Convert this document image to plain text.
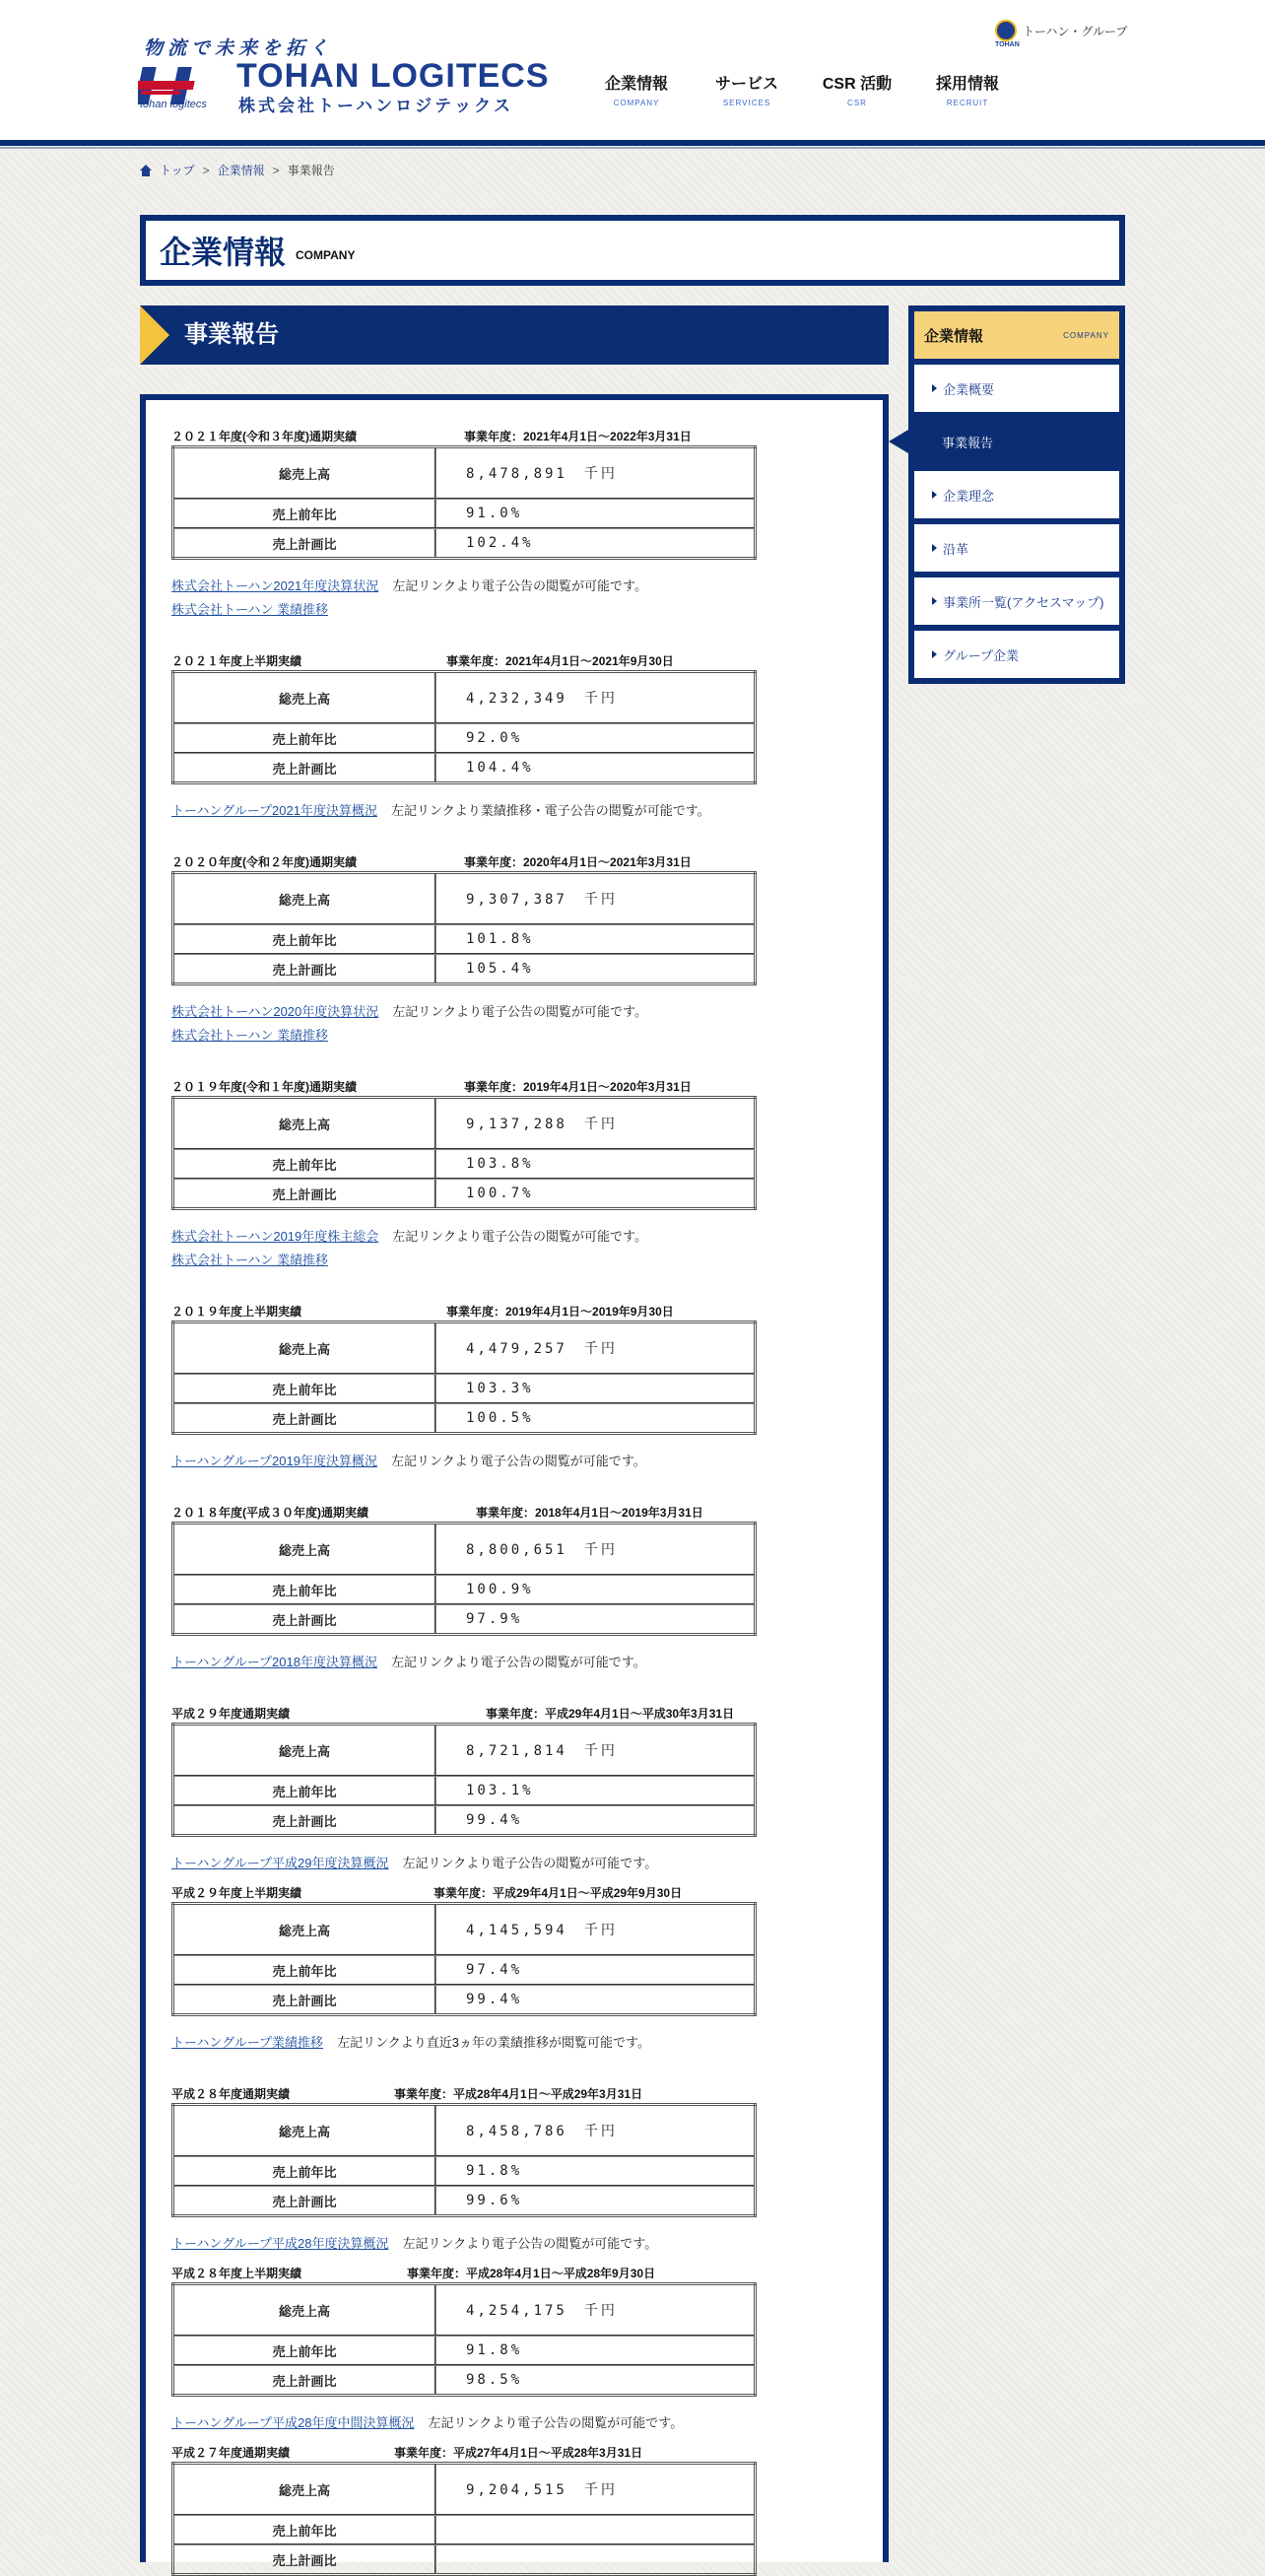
物流で未来を拓く
TOHAN LOGITECS
株式会社トーハンロジテックス
tohan logitecs
トーハン・グループ
TOHAN
企業情報
COMPANY
サービス
SERVICES
CSR 活動
CSR
採用情報
RECRUIT
トップ > 企業情報 > 事業報告
企業情報 COMPANY
事業報告
２０２１年度(令和３年度)通期実績	事業年度：2021年4月1日～2022年3月31日
総売上高	8,478,891　千円
売上前年比	91.0%
売上計画比	102.4%
株式会社トーハン2021年度決算状況 左記リンクより電子公告の閲覧が可能です。
株式会社トーハン 業績推移
２０２１年度上半期実績	事業年度：2021年4月1日～2021年9月30日
総売上高	4,232,349　千円
売上前年比	92.0%
売上計画比	104.4%
トーハングループ2021年度決算概況 左記リンクより業績推移・電子公告の閲覧が可能です。
２０２０年度(令和２年度)通期実績	事業年度：2020年4月1日～2021年3月31日
総売上高	9,307,387　千円
売上前年比	101.8%
売上計画比	105.4%
株式会社トーハン2020年度決算状況 左記リンクより電子公告の閲覧が可能です。
株式会社トーハン 業績推移
２０１９年度(令和１年度)通期実績	事業年度：2019年4月1日～2020年3月31日
総売上高	9,137,288　千円
売上前年比	103.8%
売上計画比	100.7%
株式会社トーハン2019年度株主総会 左記リンクより電子公告の閲覧が可能です。
株式会社トーハン 業績推移
２０１９年度上半期実績	事業年度：2019年4月1日～2019年9月30日
総売上高	4,479,257　千円
売上前年比	103.3%
売上計画比	100.5%
トーハングループ2019年度決算概況 左記リンクより電子公告の閲覧が可能です。
２０１８年度(平成３０年度)通期実績	事業年度：2018年4月1日～2019年3月31日
総売上高	8,800,651　千円
売上前年比	100.9%
売上計画比	97.9%
トーハングループ2018年度決算概況 左記リンクより電子公告の閲覧が可能です。
平成２９年度通期実績	事業年度：平成29年4月1日～平成30年3月31日
総売上高	8,721,814　千円
売上前年比	103.1%
売上計画比	99.4%
トーハングループ平成29年度決算概況 左記リンクより電子公告の閲覧が可能です。
平成２９年度上半期実績	事業年度：平成29年4月1日～平成29年9月30日
総売上高	4,145,594　千円
売上前年比	97.4%
売上計画比	99.4%
トーハングループ業績推移 左記リンクより直近3ヵ年の業績推移が閲覧可能です。
平成２８年度通期実績	事業年度：平成28年4月1日～平成29年3月31日
総売上高	8,458,786　千円
売上前年比	91.8%
売上計画比	99.6%
トーハングループ平成28年度決算概況 左記リンクより電子公告の閲覧が可能です。
平成２８年度上半期実績	事業年度：平成28年4月1日～平成28年9月30日
総売上高	4,254,175　千円
売上前年比	91.8%
売上計画比	98.5%
トーハングループ平成28年度中間決算概況 左記リンクより電子公告の閲覧が可能です。
平成２７年度通期実績	事業年度：平成27年4月1日～平成28年3月31日
総売上高	9,204,515　千円
売上前年比	
売上計画比	
企業情報	COMPANY
企業概要
事業報告
企業理念
沿革
事業所一覧(アクセスマップ)
グループ企業
